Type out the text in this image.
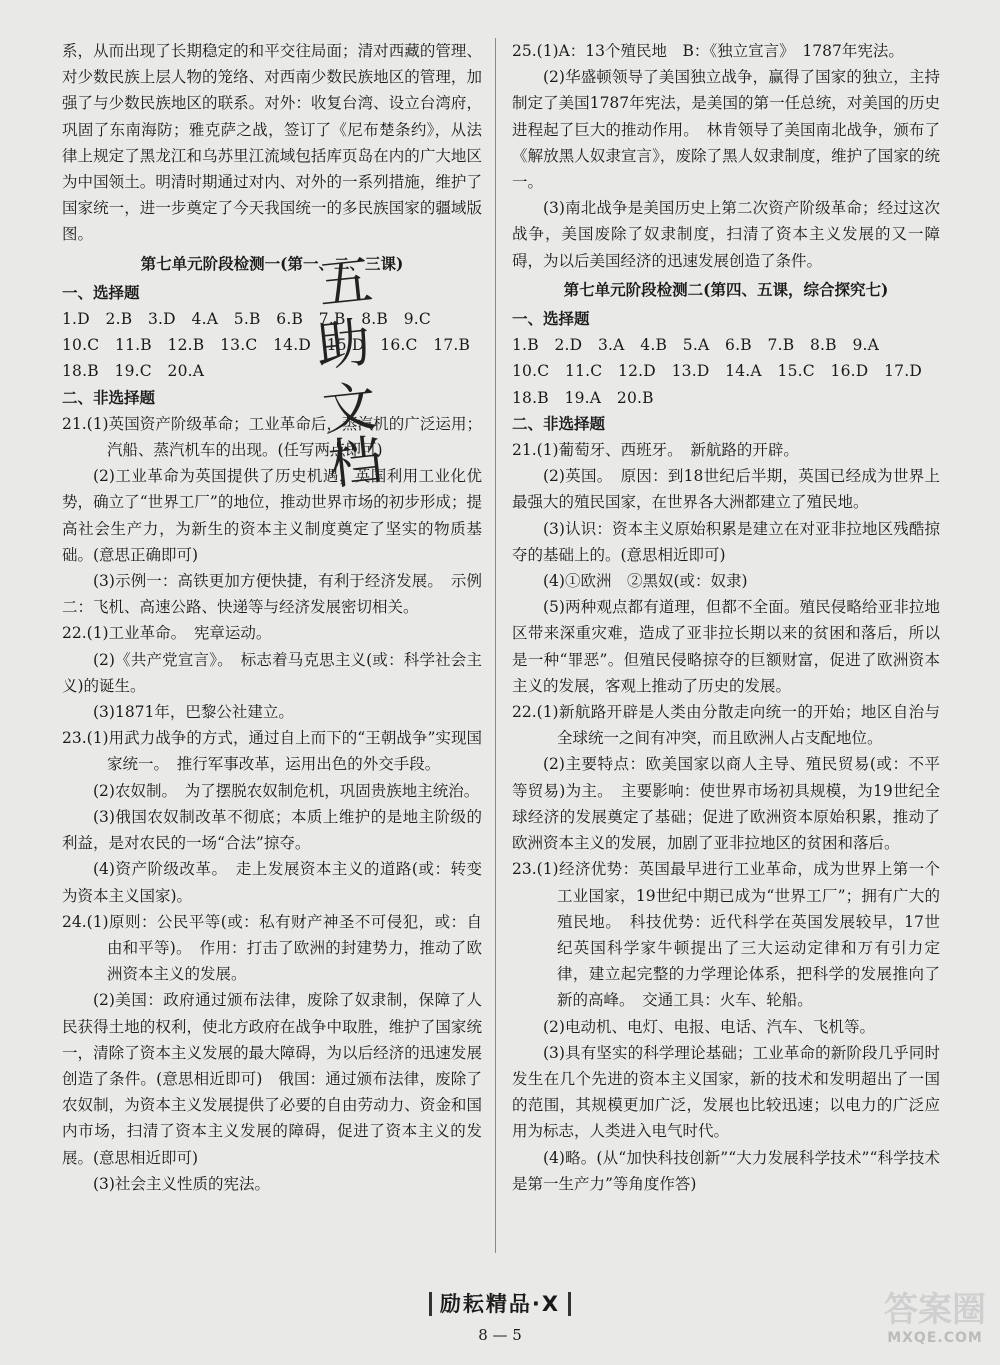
系，从而出现了长期稳定的和平交往局面；清对西藏的管理、对少数民族上层人物的笼络、对西南少数民族地区的管理，加强了与少数民族地区的联系。对外：收复台湾、设立台湾府，巩固了东南海防；雅克萨之战，签订了《尼布楚条约》，从法律上规定了黑龙江和乌苏里江流域包括库页岛在内的广大地区为中国领土。明清时期通过对内、对外的一系列措施，维护了国家统一，进一步奠定了今天我国统一的多民族国家的疆域版图。

第七单元阶段检测一(第一、二、三课)

一、选择题

1.D　2.B　3.D　4.A　5.B　6.B　7.B　8.B　9.C

10.C　11.B　12.B　13.C　14.D　15.D　16.C　17.B

18.B　19.C　20.A

二、非选择题

21.(1)英国资产阶级革命；工业革命后，蒸汽机的广泛运用；汽船、蒸汽机车的出现。(任写两点即可)

(2)工业革命为英国提供了历史机遇，英国利用工业化优势，确立了“世界工厂”的地位，推动世界市场的初步形成；提高社会生产力，为新生的资本主义制度奠定了坚实的物质基础。(意思正确即可)

(3)示例一：高铁更加方便快捷，有利于经济发展。　示例二：飞机、高速公路、快递等与经济发展密切相关。

22.(1)工业革命。　宪章运动。

(2)《共产党宣言》。　标志着马克思主义(或：科学社会主义)的诞生。

(3)1871年，巴黎公社建立。

23.(1)用武力战争的方式，通过自上而下的“王朝战争”实现国家统一。　推行军事改革，运用出色的外交手段。

(2)农奴制。　为了摆脱农奴制危机，巩固贵族地主统治。

(3)俄国农奴制改革不彻底；本质上维护的是地主阶级的利益，是对农民的一场“合法”掠夺。

(4)资产阶级改革。　走上发展资本主义的道路(或：转变为资本主义国家)。

24.(1)原则：公民平等(或：私有财产神圣不可侵犯，或：自由和平等)。　作用：打击了欧洲的封建势力，推动了欧洲资本主义的发展。

(2)美国：政府通过颁布法律，废除了奴隶制，保障了人民获得土地的权利，使北方政府在战争中取胜，维护了国家统一，清除了资本主义发展的最大障碍，为以后经济的迅速发展创造了条件。(意思相近即可)　俄国：通过颁布法律，废除了农奴制，为资本主义发展提供了必要的自由劳动力、资金和国内市场，扫清了资本主义发展的障碍，促进了资本主义的发展。(意思相近即可)

(3)社会主义性质的宪法。

25.(1)A：13个殖民地　B：《独立宣言》　1787年宪法。

(2)华盛顿领导了美国独立战争，赢得了国家的独立，主持制定了美国1787年宪法，是美国的第一任总统，对美国的历史进程起了巨大的推动作用。　林肯领导了美国南北战争，颁布了《解放黑人奴隶宣言》，废除了黑人奴隶制度，维护了国家的统一。

(3)南北战争是美国历史上第二次资产阶级革命；经过这次战争，美国废除了奴隶制度，扫清了资本主义发展的又一障碍，为以后美国经济的迅速发展创造了条件。

第七单元阶段检测二(第四、五课，综合探究七)

一、选择题

1.B　2.D　3.A　4.B　5.A　6.B　7.B　8.B　9.A

10.C　11.C　12.D　13.D　14.A　15.C　16.D　17.D

18.B　19.A　20.B

二、非选择题

21.(1)葡萄牙、西班牙。　新航路的开辟。

(2)英国。　原因：到18世纪后半期，英国已经成为世界上最强大的殖民国家，在世界各大洲都建立了殖民地。

(3)认识：资本主义原始积累是建立在对亚非拉地区残酷掠夺的基础上的。(意思相近即可)

(4)①欧洲　②黑奴(或：奴隶)

(5)两种观点都有道理，但都不全面。殖民侵略给亚非拉地区带来深重灾难，造成了亚非拉长期以来的贫困和落后，所以是一种“罪恶”。但殖民侵略掠夺的巨额财富，促进了欧洲资本主义的发展，客观上推动了历史的发展。

22.(1)新航路开辟是人类由分散走向统一的开始；地区自治与全球统一之间有冲突，而且欧洲人占支配地位。

(2)主要特点：欧美国家以商人主导、殖民贸易(或：不平等贸易)为主。　主要影响：使世界市场初具规模，为19世纪全球经济的发展奠定了基础；促进了欧洲资本原始积累，推动了欧洲资本主义的发展，加剧了亚非拉地区的贫困和落后。

23.(1)经济优势：英国最早进行工业革命，成为世界上第一个工业国家，19世纪中期已成为“世界工厂”；拥有广大的殖民地。　科技优势：近代科学在英国发展较早，17世纪英国科学家牛顿提出了三大运动定律和万有引力定律，建立起完整的力学理论体系，把科学的发展推向了新的高峰。　交通工具：火车、轮船。

(2)电动机、电灯、电报、电话、汽车、飞机等。

(3)具有坚实的科学理论基础；工业革命的新阶段几乎同时发生在几个先进的资本主义国家，新的技术和发明超出了一国的范围，其规模更加广泛，发展也比较迅速；以电力的广泛应用为标志，人类进入电气时代。

(4)略。(从“加快科技创新”“大力发展科学技术”“科学技术是第一生产力”等角度作答)

五
助
文
档
励耘精品·X
8 — 5
答案圈
MXQE.COM
